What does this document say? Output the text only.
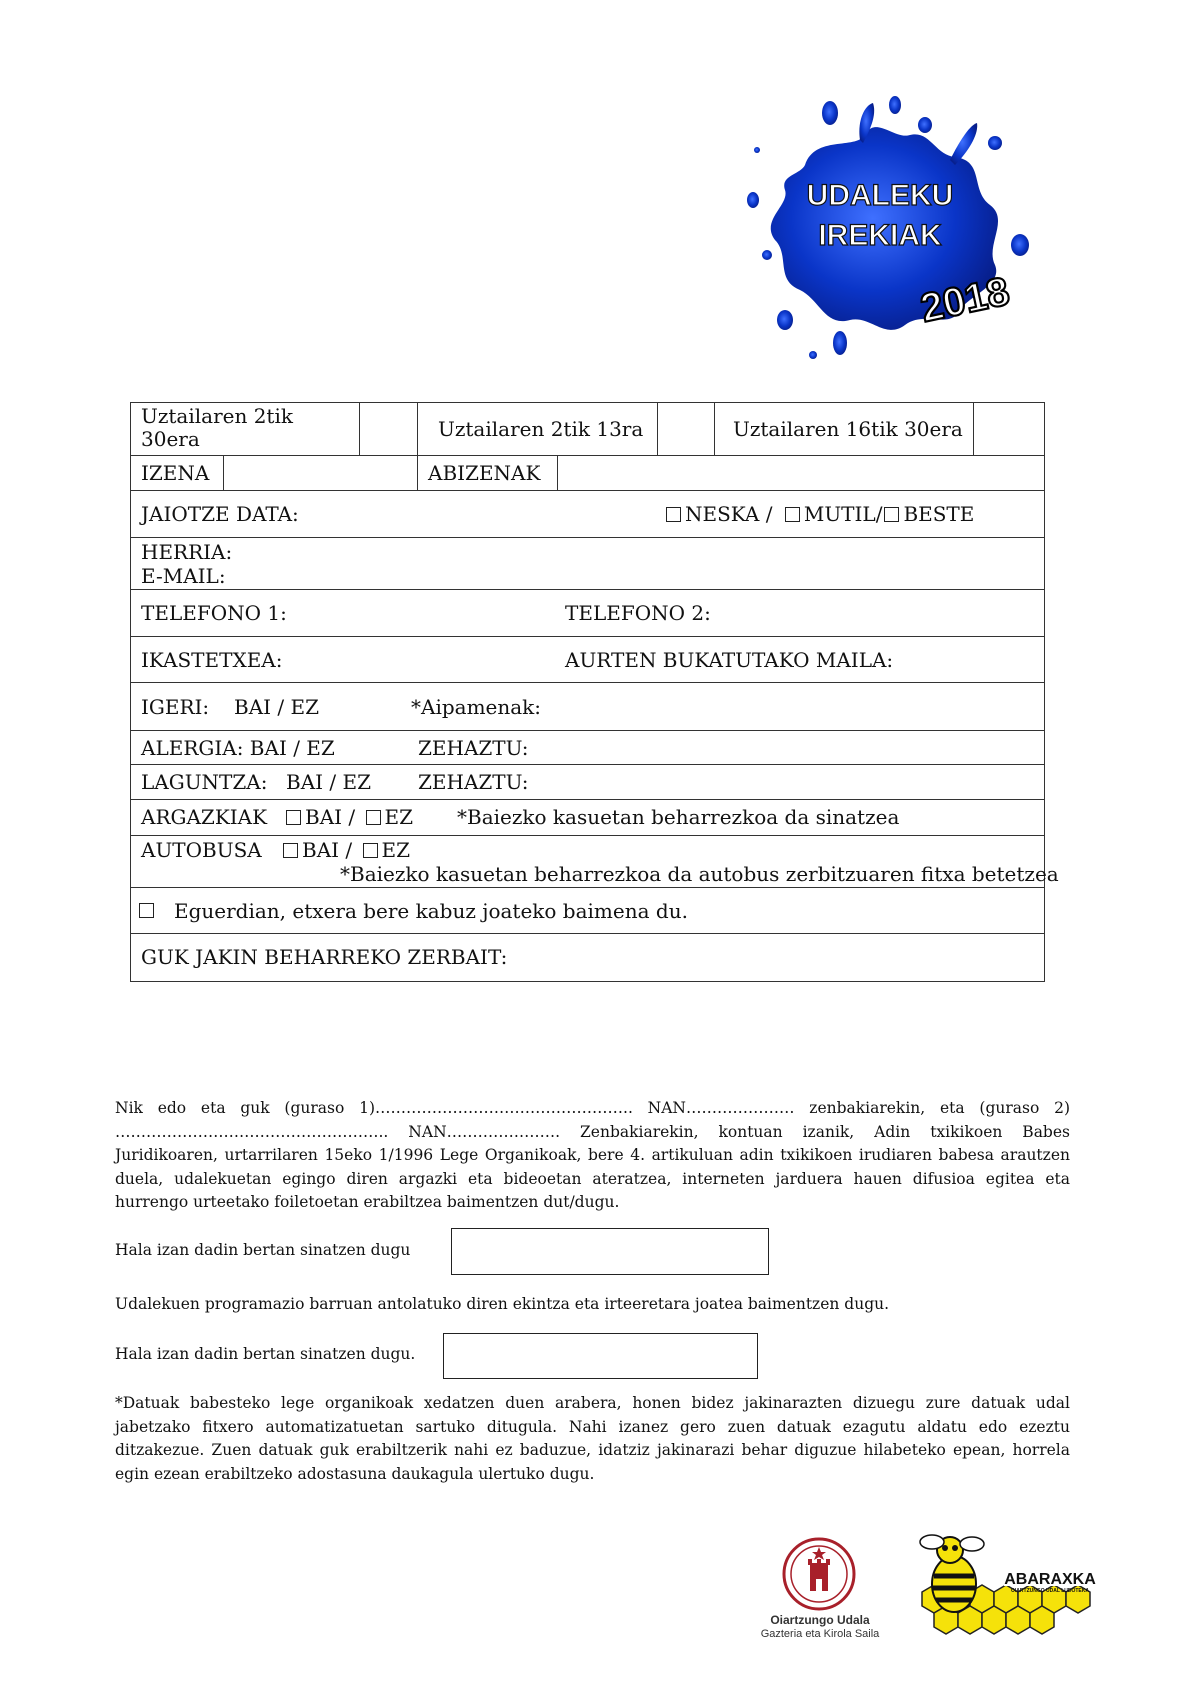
UDALEKU
IREKIAK
2018
Uztailaren 2tik 30era	Uztailaren 2tik 13ra	Uztailaren 16tik 30era
IZENA	ABIZENAK
JAIOTZE DATA:	NESKA / MUTIL/ BESTE
HERRIA:
E-MAIL:
TELEFONO 1:	TELEFONO 2:
IKASTETXEA:	AURTEN BUKATUTAKO MAILA:
IGERI: BAI / EZ	*Aipamenak:
ALERGIA: BAI / EZ	ZEHAZTU:
LAGUNTZA: BAI / EZ ZEHAZTU:
ARGAZKIAK	BAI / EZ *Baiezko kasuetan beharrezkoa da sinatzea
AUTOBUSA	BAI / EZ
*Baiezko kasuetan beharrezkoa da autobus zerbitzuaren fitxa betetzea
Eguerdian, etxera bere kabuz joateko baimena du.
GUK JAKIN BEHARREKO ZERBAIT:
Nik edo eta guk (guraso 1)………………………………………….. NAN………………… zenbakiarekin, eta (guraso 2) …………………………………………….. NAN…………………. Zenbakiarekin, kontuan izanik, Adin txikikoen Babes Juridikoaren, urtarrilaren 15eko 1/1996 Lege Organikoak, bere 4. artikuluan adin txikikoen irudiaren babesa arautzen duela, udalekuetan egingo diren argazki eta bideoetan ateratzea, interneten jarduera hauen difusioa egitea eta hurrengo urteetako foiletoetan erabiltzea baimentzen dut/dugu.
Hala izan dadin bertan sinatzen dugu
Udalekuen programazio barruan antolatuko diren ekintza eta irteeretara joatea baimentzen dugu.
Hala izan dadin bertan sinatzen dugu.
*Datuak babesteko lege organikoak xedatzen duen arabera, honen bidez jakinarazten dizuegu zure datuak udal jabetzako fitxero automatizatuetan sartuko ditugula. Nahi izanez gero zuen datuak ezagutu aldatu edo ezeztu ditzakezue. Zuen datuak guk erabiltzerik nahi ez baduzue, idatziz jakinarazi behar diguzue hilabeteko epean, horrela egin ezean erabiltzeko adostasuna daukagula ulertuko dugu.
Oiartzungo Udala
Gazteria eta Kirola Saila
ABARAXKA
OIARTZUNGO UDAL LUDOTEKA
